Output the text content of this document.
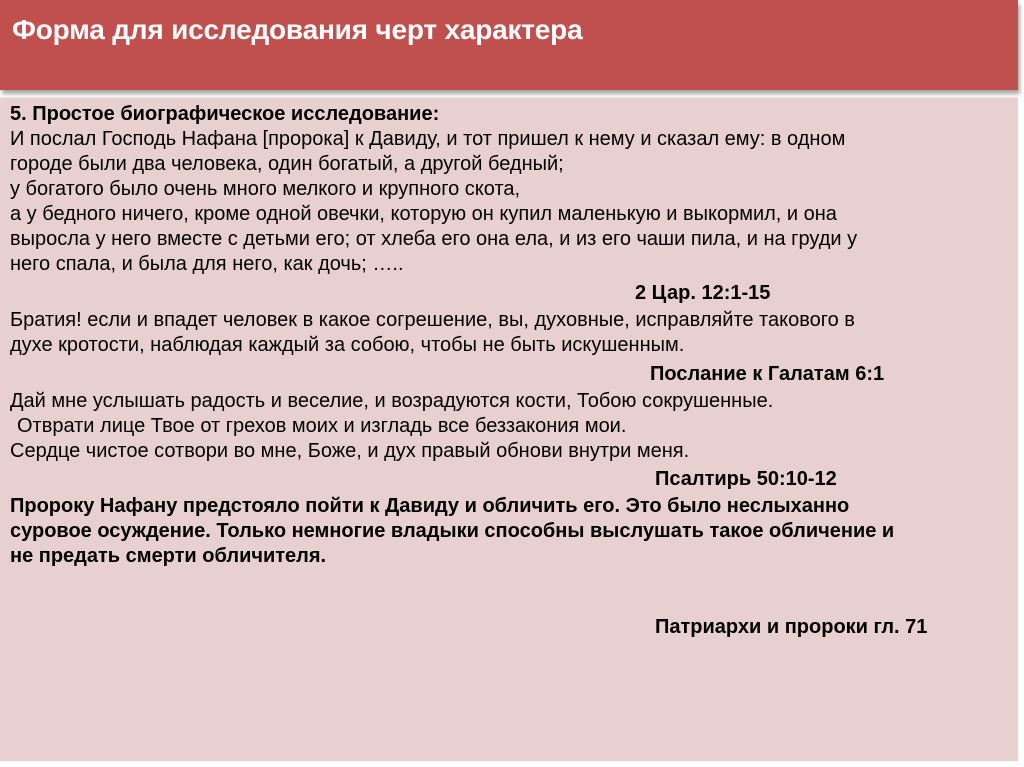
Форма для исследования черт характера
5. Простое биографическое исследование:
И послал Господь Нафана [пророка] к Давиду, и тот пришел к нему и сказал ему: в одном
городе были два человека, один богатый, а другой бедный;
у богатого было очень много мелкого и крупного скота,
а у бедного ничего, кроме одной овечки, которую он купил маленькую и выкормил, и она
выросла у него вместе с детьми его; от хлеба его она ела, и из его чаши пила, и на груди у
него спала, и была для него, как дочь; …..
2 Цар. 12:1-15
Братия! если и впадет человек в какое согрешение, вы, духовные, исправляйте такового в
духе кротости, наблюдая каждый за собою, чтобы не быть искушенным.
Послание к Галатам 6:1
Дай мне услышать радость и веселие, и возрадуются кости, Тобою сокрушенные.
Отврати лице Твое от грехов моих и изгладь все беззакония мои.
Сердце чистое сотвори во мне, Боже, и дух правый обнови внутри меня.
Псалтирь 50:10-12
Пророку Нафану предстояло пойти к Давиду и обличить его. Это было неслыханно
суровое осуждение. Только немногие владыки способны выслушать такое обличение и
не предать смерти обличителя.
Патриархи и пророки гл. 71
